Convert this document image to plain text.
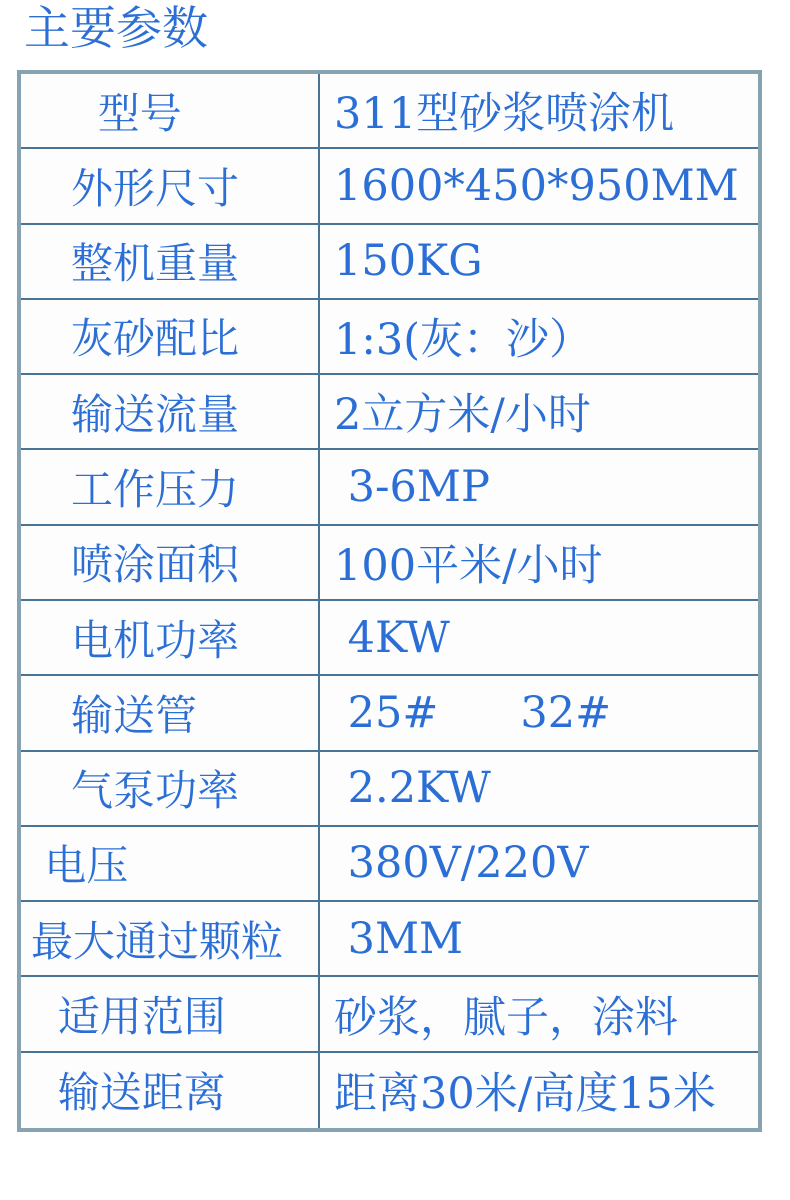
主要参数
型号	311型砂浆喷涂机
外形尺寸	1600*450*950MM
整机重量	150KG
灰砂配比	1:3(灰：沙）
输送流量	2立方米/小时
工作压力	3-6MP
喷涂面积	100平米/小时
电机功率	4KW
输送管	25#      32#
气泵功率	2.2KW
电压	380V/220V
最大通过颗粒	3MM
适用范围	砂浆，腻子，涂料
输送距离	距离30米/高度15米
